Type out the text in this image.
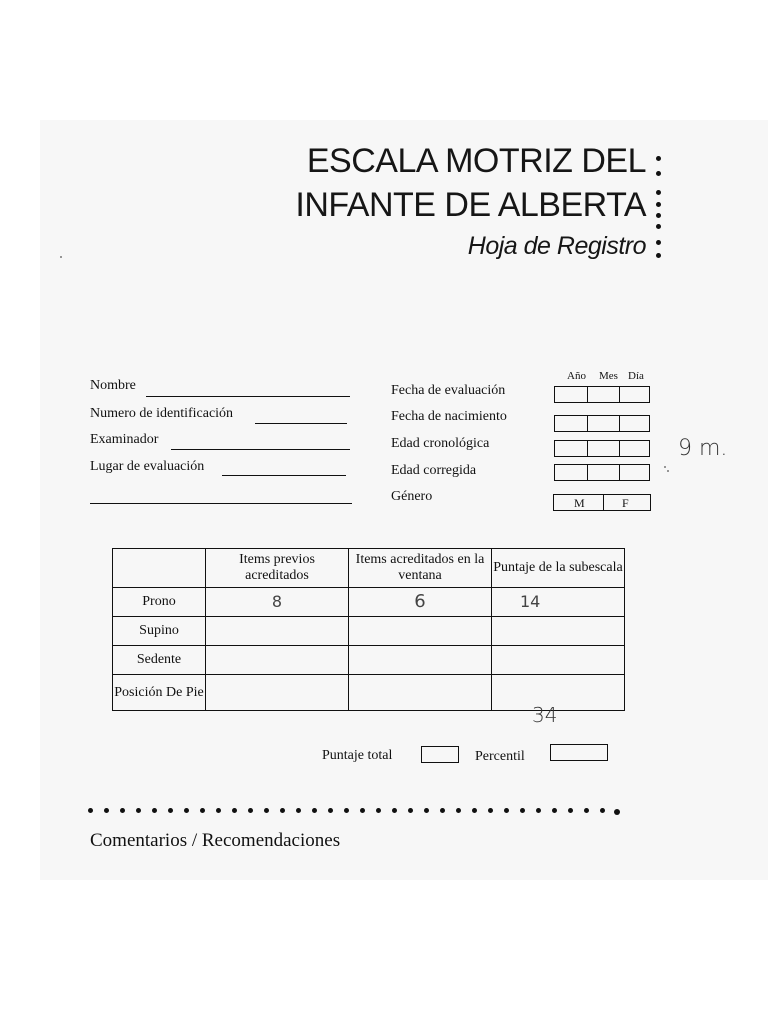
ESCALA MOTRIZ DEL
INFANTE DE ALBERTA
Hoja de Registro
Nombre
Numero de identificación
Examinador
Lugar de evaluación
Fecha de evaluación
Fecha de nacimiento
Edad cronológica
Edad corregida
Género
Año Mes Día
M	F
9 m.
	Items previos acreditados	Items acreditados en la ventana	Puntaje de la subescala
Prono	8	6	14
Supino			
Sedente			
Posición De Pie			
34
Puntaje total	Percentil
Comentarios / Recomendaciones
